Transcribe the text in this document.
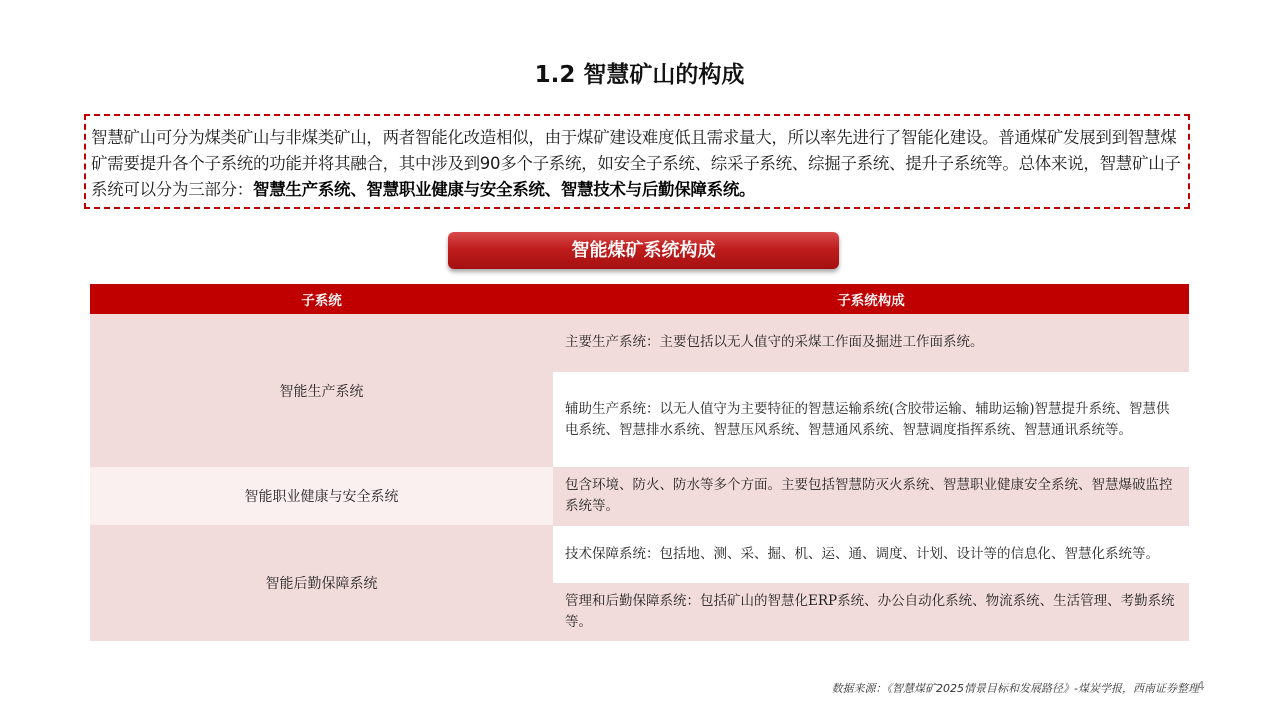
1.2 智慧矿山的构成
智慧矿山可分为煤类矿山与非煤类矿山，两者智能化改造相似，由于煤矿建设难度低且需求量大，所以率先进行了智能化建设。普通煤矿发展到到智慧煤矿需要提升各个子系统的功能并将其融合，其中涉及到90多个子系统，如安全子系统、综采子系统、综掘子系统、提升子系统等。总体来说，智慧矿山子系统可以分为三部分：智慧生产系统、智慧职业健康与安全系统、智慧技术与后勤保障系统。
智能煤矿系统构成
子系统	子系统构成
智能生产系统
主要生产系统：主要包括以无人值守的采煤工作面及掘进工作面系统。
辅助生产系统：以无人值守为主要特征的智慧运输系统(含胶带运输、辅助运输)智慧提升系统、智慧供电系统、智慧排水系统、智慧压风系统、智慧通风系统、智慧调度指挥系统、智慧通讯系统等。
智能职业健康与安全系统
包含环境、防火、防水等多个方面。主要包括智慧防灭火系统、智慧职业健康安全系统、智慧爆破监控系统等。
智能后勤保障系统
技术保障系统：包括地、测、采、掘、机、运、通、调度、计划、设计等的信息化、智慧化系统等。
管理和后勤保障系统：包括矿山的智慧化ERP系统、办公自动化系统、物流系统、生活管理、考勤系统等。
数据来源：《智慧煤矿2025情景目标和发展路径》-煤炭学报，西南证券整理
4
